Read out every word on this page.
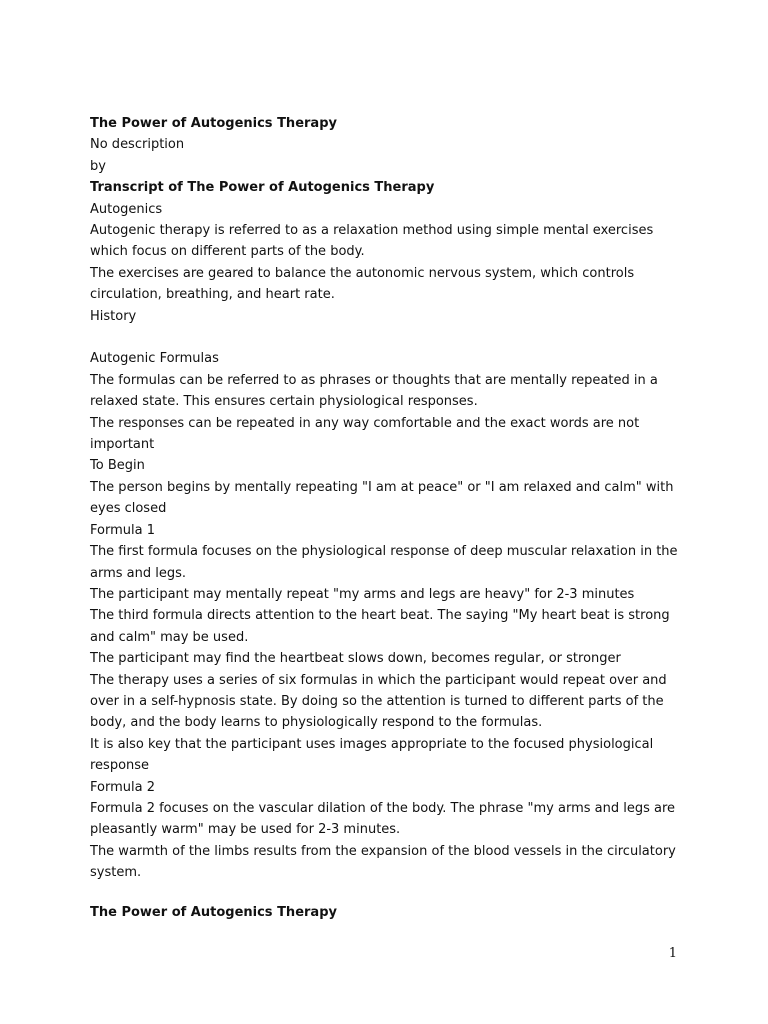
The Power of Autogenics Therapy

No description

by

Transcript of The Power of Autogenics Therapy

Autogenics

Autogenic therapy is referred to as a relaxation method using simple mental exercises which focus on different parts of the body.

The exercises are geared to balance the autonomic nervous system, which controls circulation, breathing, and heart rate.

History

Autogenic Formulas

The formulas can be referred to as phrases or thoughts that are mentally repeated in a relaxed state. This ensures certain physiological responses.

The responses can be repeated in any way comfortable and the exact words are not important

To Begin

The person begins by mentally repeating "I am at peace" or "I am relaxed and calm" with eyes closed

Formula 1

The first formula focuses on the physiological response of deep muscular relaxation in the arms and legs.

The participant may mentally repeat "my arms and legs are heavy" for 2-3 minutes

The third formula directs attention to the heart beat. The saying "My heart beat is strong and calm" may be used.

The participant may find the heartbeat slows down, becomes regular, or stronger

The therapy uses a series of six formulas in which the participant would repeat over and over in a self-hypnosis state. By doing so the attention is turned to different parts of the body, and the body learns to physiologically respond to the formulas.

It is also key that the participant uses images appropriate to the focused physiological response

Formula 2

Formula 2 focuses on the vascular dilation of the body. The phrase "my arms and legs are pleasantly warm" may be used for 2-3 minutes.

The warmth of the limbs results from the expansion of the blood vessels in the circulatory system.

The Power of Autogenics Therapy

1
